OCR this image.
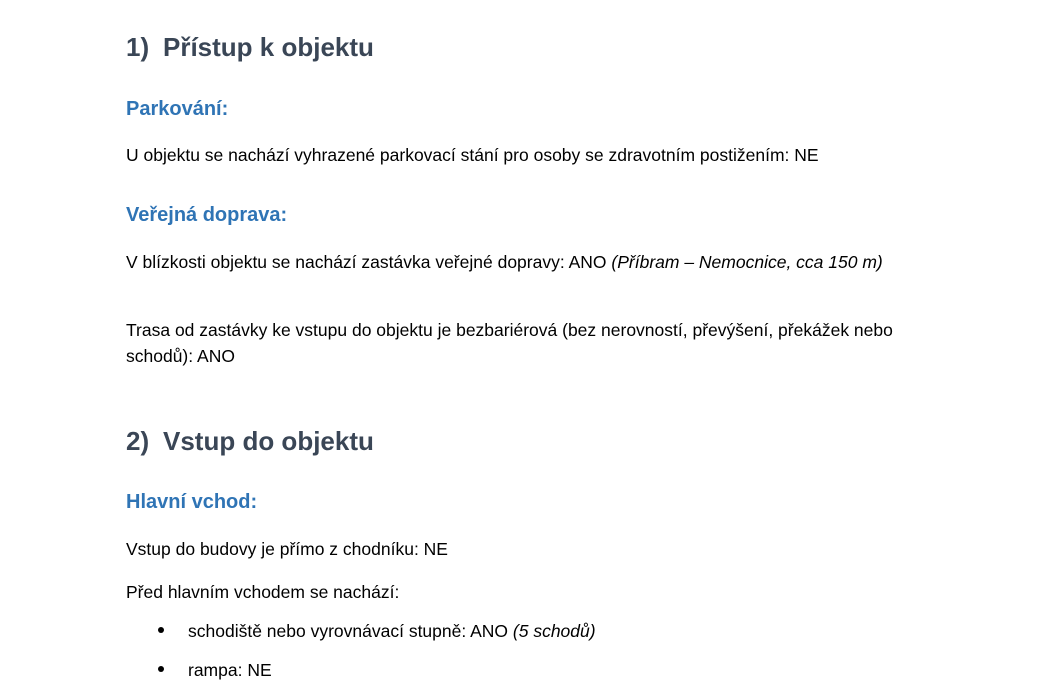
1) Přístup k objektu
Parkování:

U objektu se nachází vyhrazené parkovací stání pro osoby se zdravotním postižením: NE

Veřejná doprava:

V blízkosti objektu se nachází zastávka veřejné dopravy: ANO (Příbram – Nemocnice, cca 150 m)

Trasa od zastávky ke vstupu do objektu je bezbariérová (bez nerovností, převýšení, překážek nebo schodů): ANO

2) Vstup do objektu
Hlavní vchod:

Vstup do budovy je přímo z chodníku: NE

Před hlavním vchodem se nachází:

schodiště nebo vyrovnávací stupně: ANO (5 schodů)
rampa: NE
